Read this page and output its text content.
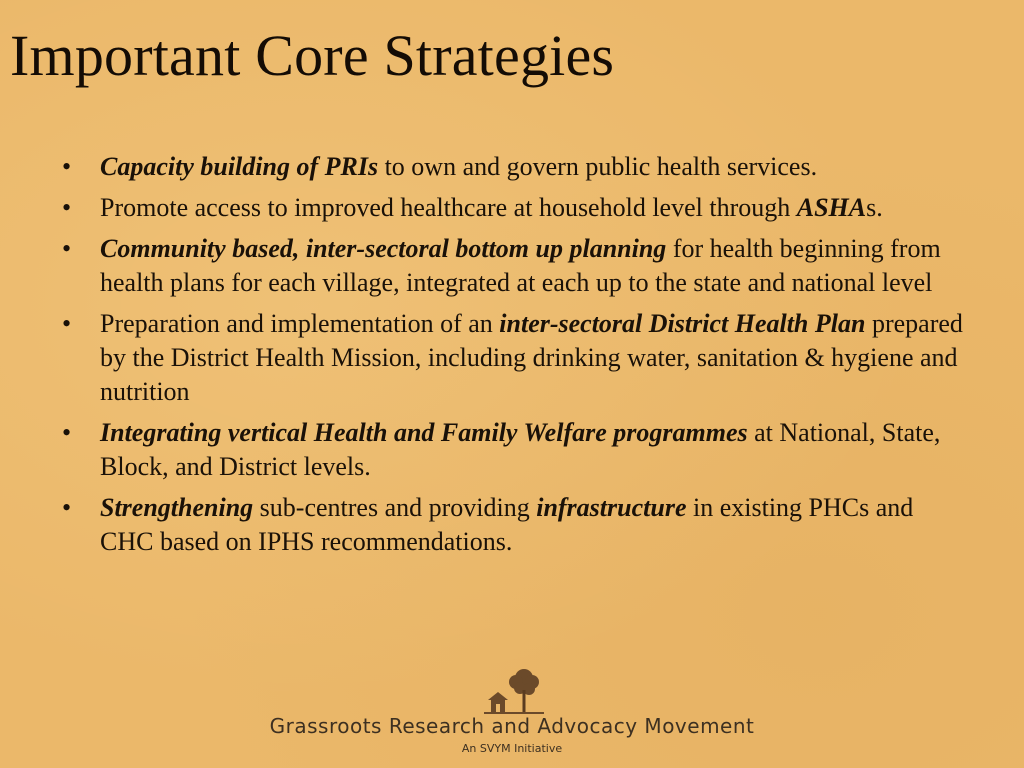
Important Core Strategies
• Capacity building of PRIs to own and govern public health services.
• Promote access to improved healthcare at household level through ASHAs.
• Community based, inter-sectoral bottom up planning for health beginning from health plans for each village, integrated at each up to the state and national level
• Preparation and implementation of an inter-sectoral District Health Plan prepared by the District Health Mission, including drinking water, sanitation & hygiene and nutrition
• Integrating vertical Health and Family Welfare programmes at National, State, Block, and District levels.
• Strengthening sub-centres and providing infrastructure in existing PHCs and CHC based on IPHS recommendations.
Grassroots Research and Advocacy Movement
An SVYM Initiative
